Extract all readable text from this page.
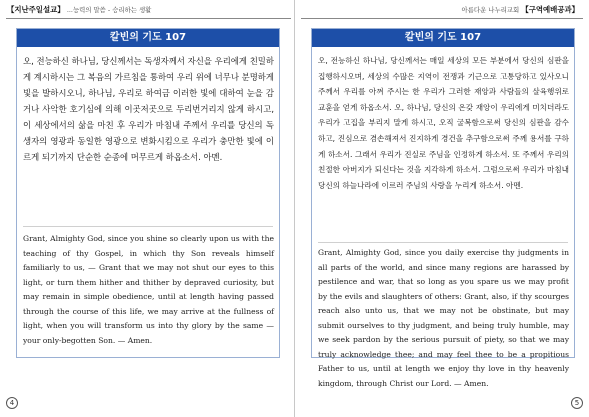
【지난주일설교】 ...능력의 말씀 - 승리하는 생활
칼빈의 기도 107
오, 전능하신 하나님, 당신께서는 독생자께서 자신을 우리에게 친밀하게 계시하시는 그 복음의 가르침을 통하여 우리 위에 너무나 분명하게 빛을 발하시오니, 하나님, 우리로 하여금 이러한 빛에 대하여 눈을 감거나 사악한 호기심에 의해 이곳저곳으로 두리번거리지 않게 하시고, 이 세상에서의 삶을 마친 후 우리가 마침내 주께서 우리를 당신의 독생자의 영광과 동일한 영광으로 변화시킴으로 우리가 충만한 빛에 이르게 되기까지 단순한 순종에 머무르게 하옵소서. 아멘.
Grant, Almighty God, since you shine so clearly upon us with the teaching of thy Gospel, in which thy Son reveals himself familiarly to us, — Grant that we may not shut our eyes to this light, or turn them hither and thither by depraved curiosity, but may remain in simple obedience, until at length having passed through the course of this life, we may arrive at the fullness of light, when you will transform us into thy glory by the same — your only-begotten Son. — Amen.
4
아름다운 나누리교회 【구역예배공과】
칼빈의 기도 107
오, 전능하신 하나님, 당신께서는 매일 세상의 모든 부분에서 당신의 심판을 집행하시오며, 세상의 수많은 지역이 전쟁과 기근으로 고통당하고 있사오니 주께서 우리를 아껴 주시는 한 우리가 그러한 재앙과 사람들의 살육행위로 교훈을 얻게 하옵소서. 오, 하나님, 당신의 온갖 재앙이 우리에게 미치더라도 우리가 고집을 부리지 말게 하시고, 오직 굴복함으로써 당신의 심판을 감수하고, 진심으로 겸손해져서 진지하게 경건을 추구함으로써 주께 용서를 구하게 하소서. 그래서 우리가 진실로 주님을 인정하게 하소서. 또 주께서 우리의 친절한 아버지가 되신다는 것을 지각하게 하소서. 그럼으로써 우리가 마침내 당신의 하늘나라에 이르러 주님의 사랑을 누리게 하소서. 아멘.
Grant, Almighty God, since you daily exercise thy judgments in all parts of the world, and since many regions are harassed by pestilence and war, that so long as you spare us we may profit by the evils and slaughters of others: Grant, also, if thy scourges reach also unto us, that we may not be obstinate, but may submit ourselves to thy judgment, and being truly humble, may we seek pardon by the serious pursuit of piety, so that we may truly acknowledge thee; and may feel thee to be a propitious Father to us, until at length we enjoy thy love in thy heavenly kingdom, through Christ our Lord. — Amen.
5
